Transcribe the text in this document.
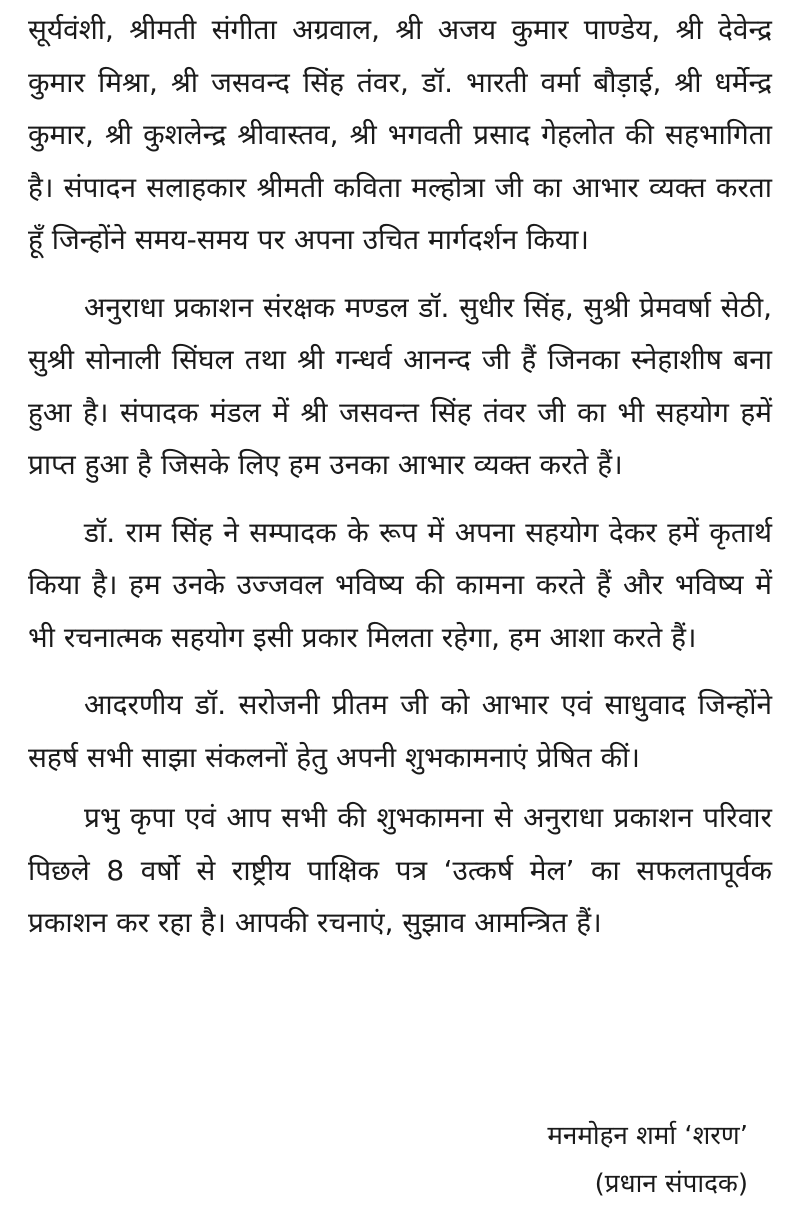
सूर्यवंशी, श्रीमती संगीता अग्रवाल, श्री अजय कुमार पाण्डेय, श्री देवेन्द्र कुमार मिश्रा, श्री जसवन्द सिंह तंवर, डॉ. भारती वर्मा बौड़ाई, श्री धर्मेन्द्र कुमार, श्री कुशलेन्द्र श्रीवास्तव, श्री भगवती प्रसाद गेहलोत की सहभागिता है। संपादन सलाहकार श्रीमती कविता मल्होत्रा जी का आभार व्यक्त करता हूँ जिन्होंने समय-समय पर अपना उचित मार्गदर्शन किया।

अनुराधा प्रकाशन संरक्षक मण्डल डॉ. सुधीर सिंह, सुश्री प्रेमवर्षा सेठी, सुश्री सोनाली सिंघल तथा श्री गन्धर्व आनन्द जी हैं जिनका स्नेहाशीष बना हुआ है। संपादक मंडल में श्री जसवन्त सिंह तंवर जी का भी सहयोग हमें प्राप्त हुआ है जिसके लिए हम उनका आभार व्यक्त करते हैं।

डॉ. राम सिंह ने सम्पादक के रूप में अपना सहयोग देकर हमें कृतार्थ किया है। हम उनके उज्जवल भविष्य की कामना करते हैं और भविष्य में भी रचनात्मक सहयोग इसी प्रकार मिलता रहेगा, हम आशा करते हैं।

आदरणीय डॉ. सरोजनी प्रीतम जी को आभार एवं साधुवाद जिन्होंने सहर्ष सभी साझा संकलनों हेतु अपनी शुभकामनाएं प्रेषित कीं।

प्रभु कृपा एवं आप सभी की शुभकामना से अनुराधा प्रकाशन परिवार पिछले 8 वर्षो से राष्ट्रीय पाक्षिक पत्र ‘उत्कर्ष मेल’ का सफलतापूर्वक प्रकाशन कर रहा है। आपकी रचनाएं, सुझाव आमन्त्रित हैं।

मनमोहन शर्मा ‘शरण’
(प्रधान संपादक)
